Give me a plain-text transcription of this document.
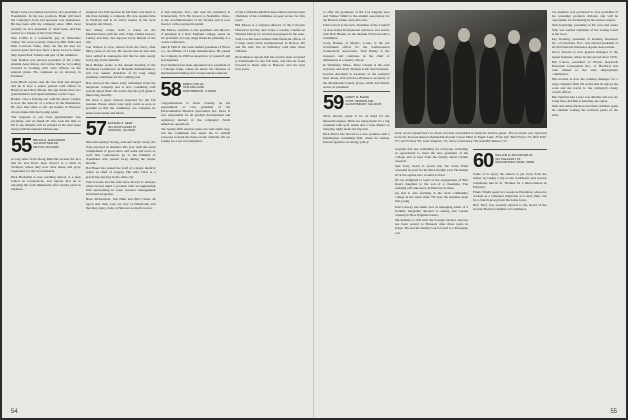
Hank Crebs was named executive vice president of Fountainist. In his new position, Hank will head the company's food and personal care businesses. He has been with the company since 1966, most recently as vice president of retail sales, and has served as a trustee of the Class Fund.

Wes Coffin is a wonderful guy in Waterville Valley. We were recently visited by Bill Toms and Pam Corcoran Toms. They ran the ski area for several years and now have a place in town where they spend their winters and part of the summers.

Tom Kanick was elected president of the Colby Alumni Association, and writes that he is looking forward to working with class officers on the reunion plans. He continues as an attorney in Portland.

John Bloch reports that his law firm has merged and he is now a senior partner with offices in Hartford and New Haven. He and Sarah have two grandchildren and spend summers on the Cape.

Barker, once a fencing star with the junior varsity, is now the director of a school in the Berkshires. He says that visits to his old haunts in Hanover always make him feel young again.

The response to our class questionnaire was excellent, and we thank all who took the time to fill it out. Results will be printed in the next issue along with the updated address list.

55 BRUCE R. ALEXANDER
341 WHITTIER RD.
MILTON, MA 02186

A long letter from Doug Melville reveals the fact that he and Doris have moved to a farm in Vermont, where they now raise sheep and grow vegetables for the local markets.

Dick Beckwith is now teaching history at a prep school in Connecticut, and reports that he is enjoying the work immensely after twenty years in business.

resigned last July because he felt there was more to life than running a company. He now spends time in Vermont and is an active trustee of the local hospital and library.

Nel Sibley writes from a cruise on the Mediterranean with his wife. They visited Greece, Turkey and Italy and enjoyed every minute of the trip.

Joel Wilson is now retired from the Navy after thirty years of service. He reports that he and Ann have settled in Annapolis and that he sails nearly every day in the summer.

Dick Hunter spoke at the annual meeting of the Northeast Conference on Hospital Administration, and was named chairman of its long range planning committee for the coming year.

Bob Atwood has taken early retirement from the telephone company and is now consulting with several small firms. He writes that his golf game is improving steadily.

We have a great turnout expected for the fall reunion. Please return your reply cards as soon as possible so that the committee can complete its plans for housing and meals.

57 ECKMAN C. KEEP
301 SOUTH MAIN ST.
SUFFOLK, VA 23434

Welcome spring! Strong, able and rarely weary, the class reported in numbers this year with the usual complement of good news and some sad news as well. Our condolences go to the families of classmates who passed away during the winter months.

Hal Bauer has joined the staff of a major medical center as chief of surgery. His wife Carol is a practicing attorney in the same city.

Tom Lacoste and his wife have moved to Arizona where he has taken a position with an engineering firm specializing in water resource management and desert irrigation.

Dave McDermott, Jim Hunt and Phil Clarke all report that their sons are now at Dartmouth and that they enjoy visits to Hanover as much as ever.

at San Antonio, Tex., and took his residency at Schenectady, N.Y. He moved to Nashville, Tenn., as the recommendation of his faculty and is now director of the regional hospital.

Jim Morse, assistant to the president and director of planning at a New England college, spoke on the problems of long range financial planning at a recent conference.

John P. Hall Jr. has been named president of Howe Co., an affiliate of a large manufacturer. He joined the company in 1963 as supervisor of research and development.

Stan Vanbuck has been appointed vice president of a Chicago bank, where he heads the division of international lending and correspondent relations.

58 FRED LYON JR.
7843 ASH LANE
NORTHBROOK, IL 60062

Congratulations to Dave Cassidy on his appointment as vice president of the Environmental Medical Specialties Inc. Dave is now responsible for all product development and regulatory matters in the company's North American operations.

Our twenty-fifth reunion plans are well under way, and the committee has asked me to remind everyone to mark the dates on the calendar. We are hoping for a record attendance.

of the California Medical Association and has been chairman of the committee on peer review for five years.

Bill Moore is a regional director of the Colorado Historical Society and writes a weekly column on Western history for several newspapers in the state.

Tom Coe has been named chief financial officer of a large retail chain headquartered in Boston. He and his wife live in Wellesley with their three children.

Rick Ralston reports that his son has been accepted to Dartmouth for the fall term, and that he looks forward to many trips to Hanover over the next four years.

54

to offer the graduates of the Los Angeles area and Walker Smith to the alumni association for the Boston, Idaho, and ohio area.

John Carroll is the new chairman of the Council of Associated Professional Advisors and serves with Bob Hunter on the Alumni Fund executive committee.

Craig Haines, of Mystic, Conn., is the job recruitment officer for the Southwestern Connecticut association. Stan Bailey is the treasurer and continues as the chief of admissions at a nearby school.

In Wellesley, Mass., Dave Chapin is the club secretary and Andy Thomas is the club treasurer.

Gordon Abraham is treasurer of the northern New Jersey club and Al LaFrenze is secretary of the Monmouth County group, while Ted Parker serves as president.

59 HARRY R. BLAKE
73 MT. VERNON AVE.
GLASTONBURY, MA 01935

We're already ready to be on hand for the fifteenth reunion. Plans are being made for a big weekend with golf, tennis and a class dinner on Saturday night under the big tent.

Dick Pierce has moved to a new position with a Washington consulting firm, where he advises federal agencies on energy policy.

Some of the topnarchers in Texas recently assembled to stalk the elusive game. The occasion was reported to be the Second Annual Dallas/Dartmouth Goose Hunt to Eagle Lake. From left: Bob Finley '57, Bob Fehr '57, Joe Friend '58, John Simpson '55, Steve Greenburg '58, and Bill Watson '57.

program that has something for everyone, including an opportunity to meet the new president of the College and to hear from the faculty about current research.

And Jerry Grant is proud that the Class Fund exceeded its goal for the third straight year. He thanks all of the agents who worked so hard.

We are delighted to learn of the engagement of Bob Ross's daughter to the son of a classmate. The wedding will take place in Hanover in June.

ing and is also teaching at the local community college in his spare time. He says the students keep him young.

Paul Conway has taken over as managing editor of a monthly magazine devoted to sailing and coastal cruising in New England waters.

Jim Kinsley is still with the Foreign Service and has just been posted to Brussels after three years in Tokyo. He and his family look forward to a European tour.

60 WILLIAM H. MCCARTER JR.
331 PLEASANT ST.
WINCHESTER, MASS. 01890

Some of us enjoy the chance to get away from the winter by taking a trip to the Caribbean, and several classmates met in St. Thomas for a mini-reunion in February.

Frank Vittelli spent two weeks in Honduras, where he worked as a volunteer physician at a rural clinic run by a church group from his home town.

Bob Terry was recently elected to the board of the Greater Boston Chamber of Commerce.

Les Guerber was promoted to vice president of the consumer products division and will be responsible for marketing in the eastern region.

Dick Kettering, president of his own real estate firm, was named chairman of the zoning board in his town.

Ray Keating, president of Keating Insurance Inc., of Charlotte, N.C., was elected president of the Professional Insurance Agents Association.

Rocco Powers is now general manager of the Aspen Institute, where he has served since 1976.

Bill Colton, president of Baxter Reynolds Personnel Consultants Inc., of Hartford, has been named to the state employment commission.

Bill Gordon is now the training manager for a large computer firm. He writes that he enjoys the work and the travel to the company's many branch offices.

Ben Sanborn has a new son. Mother and son are doing fine, and Ben is handing out cigars.

Dick and Alina Davison and their children spent the summer touring the national parks of the West.

55
